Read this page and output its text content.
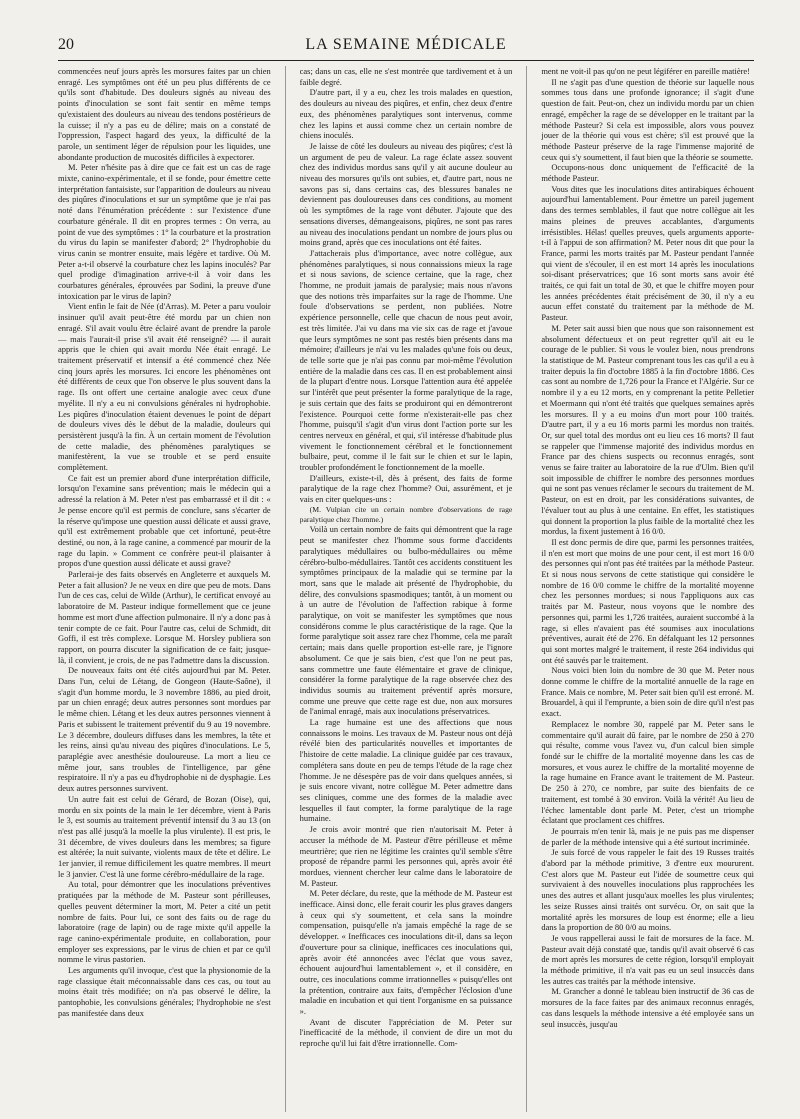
20	LA SEMAINE MÉDICALE

commencées neuf jours après les morsures faites par un chien enragé. Les symptômes ont été un peu plus différents de ce qu'ils sont d'habitude. Des douleurs signés au niveau des points d'inoculation se sont fait sentir en même temps qu'existaient des douleurs au niveau des tendons postérieurs de la cuisse; il n'y a pas eu de délire; mais on a constaté de l'oppression, l'aspect hagard des yeux, la difficulté de la parole, un sentiment léger de répulsion pour les liquides, une abondante production de mucosités difficiles à expectorer.

M. Peter n'hésite pas à dire que ce fait est un cas de rage mixte, canino-expérimentale, et il se fonde, pour émettre cette interprétation fantaisiste, sur l'apparition de douleurs au niveau des piqûres d'inoculations et sur un symptôme que je n'ai pas noté dans l'énumération précédente : sur l'existence d'une courbature générale. Il dit en propres termes : On verra, au point de vue des symptômes : 1° la courbature et la prostration du virus du lapin se manifester d'abord; 2° l'hydrophobie du virus canin se montrer ensuite, mais légère et tardive. Où M. Peter a-t-il observé la courbature chez les lapins inoculés? Par quel prodige d'imagination arrive-t-il à voir dans les courbatures générales, éprouvées par Sodini, la preuve d'une intoxication par le virus de lapin?

Vient enfin le fait de Née (d'Arras). M. Peter a paru vouloir insinuer qu'il avait peut-être été mordu par un chien non enragé. S'il avait voulu être éclairé avant de prendre la parole — mais l'aurait-il prise s'il avait été renseigné? — il aurait appris que le chien qui avait mordu Née était enragé. Le traitement préservatif et intensif a été commencé chez Née cinq jours après les morsures. Ici encore les phénomènes ont été différents de ceux que l'on observe le plus souvent dans la rage. Ils ont offert une certaine analogie avec ceux d'une myélite. Il n'y a eu ni convulsions générales ni hydrophobie. Les piqûres d'inoculation étaient devenues le point de départ de douleurs vives dès le début de la maladie, douleurs qui persistèrent jusqu'à la fin. À un certain moment de l'évolution de cette maladie, des phénomènes paralytiques se manifestèrent, la vue se trouble et se perd ensuite complètement.

Ce fait est un premier abord d'une interprétation difficile, lorsqu'on l'examine sans prévention; mais le médecin qui a adressé la relation à M. Peter n'est pas embarrassé et il dit : « Je pense encore qu'il est permis de conclure, sans s'écarter de la réserve qu'impose une question aussi délicate et aussi grave, qu'il est extrêmement probable que cet infortuné, peut-être destiné, ou non, à la rage canine, a commencé par mourir de la rage du lapin. » Comment ce confrère peut-il plaisanter à propos d'une question aussi délicate et aussi grave?

Parlerai-je des faits observés en Angleterre et auxquels M. Peter a fait allusion? Je ne veux en dire que peu de mots. Dans l'un de ces cas, celui de Wilde (Arthur), le certificat envoyé au laboratoire de M. Pasteur indique formellement que ce jeune homme est mort d'une affection pulmonaire. Il n'y a donc pas à tenir compte de ce fait. Pour l'autre cas, celui de Schmidt, dit Goffi, il est très complexe. Lorsque M. Horsley publiera son rapport, on pourra discuter la signification de ce fait; jusque-là, il convient, je crois, de ne pas l'admettre dans la discussion.

De nouveaux faits ont été cités aujourd'hui par M. Peter. Dans l'un, celui de Létang, de Gongeon (Haute-Saône), il s'agit d'un homme mordu, le 3 novembre 1886, au pied droit, par un chien enragé; deux autres personnes sont mordues par le même chien. Létang et les deux autres personnes viennent à Paris et subissent le traitement préventif du 9 au 19 novembre. Le 3 décembre, douleurs diffuses dans les membres, la tête et les reins, ainsi qu'au niveau des piqûres d'inoculations. Le 5, paraplégie avec anesthésie douloureuse. La mort a lieu ce même jour, sans troubles de l'intelligence, par gêne respiratoire. Il n'y a pas eu d'hydrophobie ni de dysphagie. Les deux autres personnes survivent.

Un autre fait est celui de Gérard, de Bozan (Oise), qui, mordu en six points de la main le 1er décembre, vient à Paris le 3, est soumis au traitement préventif intensif du 3 au 13 (on n'est pas allé jusqu'à la moelle la plus virulente). Il est pris, le 31 décembre, de vives douleurs dans les membres; sa figure est altérée; la nuit suivante, violents maux de tête et délire. Le 1er janvier, il remue difficilement les quatre membres. Il meurt le 3 janvier. C'est là une forme cérébro-médullaire de la rage.

Au total, pour démontrer que les inoculations préventives pratiquées par la méthode de M. Pasteur sont périlleuses, quelles peuvent déterminer la mort, M. Peter a cité un petit nombre de faits. Pour lui, ce sont des faits ou de rage du laboratoire (rage de lapin) ou de rage mixte qu'il appelle la rage canino-expérimentale produite, en collaboration, pour employer ses expressions, par le virus de chien et par ce qu'il nomme le virus pastorien.

Les arguments qu'il invoque, c'est que la physionomie de la rage classique était méconnaissable dans ces cas, ou tout au moins était très modifiée; on n'a pas observé le délire, la pantophobie, les convulsions générales; l'hydrophobie ne s'est pas manifestée dans deux

cas; dans un cas, elle ne s'est montrée que tardivement et à un faible degré.

D'autre part, il y a eu, chez les trois malades en question, des douleurs au niveau des piqûres, et enfin, chez deux d'entre eux, des phénomènes paralytiques sont intervenus, comme chez les lapins et aussi comme chez un certain nombre de chiens inoculés.

Je laisse de côté les douleurs au niveau des piqûres; c'est là un argument de peu de valeur. La rage éclate assez souvent chez des individus mordus sans qu'il y ait aucune douleur au niveau des morsures qu'ils ont subies, et, d'autre part, nous ne savons pas si, dans certains cas, des blessures banales ne deviennent pas douloureuses dans ces conditions, au moment où les symptômes de la rage vont débuter. J'ajoute que des sensations diverses, démangeaisons, piqûres, ne sont pas rares au niveau des inoculations pendant un nombre de jours plus ou moins grand, après que ces inoculations ont été faites.

J'attacherais plus d'importance, avec notre collègue, aux phénomènes paralytiques, si nous connaissions mieux la rage et si nous savions, de science certaine, que la rage, chez l'homme, ne produit jamais de paralysie; mais nous n'avons que des notions très imparfaites sur la rage de l'homme. Une foule d'observations se perdent, non publiées. Notre expérience personnelle, celle que chacun de nous peut avoir, est très limitée. J'ai vu dans ma vie six cas de rage et j'avoue que leurs symptômes ne sont pas restés bien présents dans ma mémoire; d'ailleurs je n'ai vu les malades qu'une fois ou deux, de telle sorte que je n'ai pas connu par moi-même l'évolution entière de la maladie dans ces cas. Il en est probablement ainsi de la plupart d'entre nous. Lorsque l'attention aura été appelée sur l'intérêt que peut présenter la forme paralytique de la rage, je suis certain que des faits se produiront qui en démontreront l'existence. Pourquoi cette forme n'existerait-elle pas chez l'homme, puisqu'il s'agit d'un virus dont l'action porte sur les centres nerveux en général, et qui, s'il intéresse d'habitude plus vivement le fonctionnement cérébral et le fonctionnement bulbaire, peut, comme il le fait sur le chien et sur le lapin, troubler profondément le fonctionnement de la moelle.

D'ailleurs, existe-t-il, dès à présent, des faits de forme paralytique de la rage chez l'homme? Oui, assurément, et je vais en citer quelques-uns :

(M. Vulpian cite un certain nombre d'observations de rage paralytique chez l'homme.)

Voilà un certain nombre de faits qui démontrent que la rage peut se manifester chez l'homme sous forme d'accidents paralytiques médullaires ou bulbo-médullaires ou même cérébro-bulbo-médullaires. Tantôt ces accidents constituent les symptômes principaux de la maladie qui se termine par la mort, sans que le malade ait présenté de l'hydrophobie, du délire, des convulsions spasmodiques; tantôt, à un moment ou à un autre de l'évolution de l'affection rabique à forme paralytique, on voit se manifester les symptômes que nous considérons comme le plus caractéristique de la rage. Que la forme paralytique soit assez rare chez l'homme, cela me paraît certain; mais dans quelle proportion est-elle rare, je l'ignore absolument. Ce que je sais bien, c'est que l'on ne peut pas, sans commettre une faute élémentaire et grave de clinique, considérer la forme paralytique de la rage observée chez des individus soumis au traitement préventif après morsure, comme une preuve que cette rage est due, non aux morsures de l'animal enragé, mais aux inoculations préservatrices.

La rage humaine est une des affections que nous connaissons le moins. Les travaux de M. Pasteur nous ont déjà révélé bien des particularités nouvelles et importantes de l'histoire de cette maladie. La clinique guidée par ces travaux, complétera sans doute en peu de temps l'étude de la rage chez l'homme. Je ne désespère pas de voir dans quelques années, si je suis encore vivant, notre collègue M. Peter admettre dans ses cliniques, comme une des formes de la maladie avec lesquelles il faut compter, la forme paralytique de la rage humaine.

Je crois avoir montré que rien n'autorisait M. Peter à accuser la méthode de M. Pasteur d'être périlleuse et même meurtrière; que rien ne légitime les craintes qu'il semble s'être proposé de répandre parmi les personnes qui, après avoir été mordues, viennent chercher leur calme dans le laboratoire de M. Pasteur.

M. Peter déclare, du reste, que la méthode de M. Pasteur est inefficace. Ainsi donc, elle ferait courir les plus graves dangers à ceux qui s'y soumettent, et cela sans la moindre compensation, puisqu'elle n'a jamais empêché la rage de se développer. « Inefficaces ces inoculations dit-il, dans sa leçon d'ouverture pour sa clinique, inefficaces ces inoculations qui, après avoir été annoncées avec l'éclat que vous savez, échouent aujourd'hui lamentablement », et il considère, en outre, ces inoculations comme irrationnelles « puisqu'elles ont la prétention, contraire aux faits, d'empêcher l'éclosion d'une maladie en incubation et qui tient l'organisme en sa puissance ».

Avant de discuter l'appréciation de M. Peter sur l'inefficacité de la méthode, il convient de dire un mot du reproche qu'il lui fait d'être irrationnelle. Com-

ment ne voit-il pas qu'on ne peut légiférer en pareille matière!

Il ne s'agit pas d'une question de théorie sur laquelle nous sommes tous dans une profonde ignorance; il s'agit d'une question de fait. Peut-on, chez un individu mordu par un chien enragé, empêcher la rage de se développer en le traitant par la méthode Pasteur? Si cela est impossible, alors vous pouvez jouer de la théorie qui vous est chère; s'il est prouvé que la méthode Pasteur préserve de la rage l'immense majorité de ceux qui s'y soumettent, il faut bien que la théorie se soumette.

Occupons-nous donc uniquement de l'efficacité de la méthode Pasteur.

Vous dites que les inoculations dites antirabiques échouent aujourd'hui lamentablement. Pour émettre un pareil jugement dans des termes semblables, il faut que notre collègue ait les mains pleines de preuves accablantes, d'arguments irrésistibles. Hélas! quelles preuves, quels arguments apporte-t-il à l'appui de son affirmation? M. Peter nous dit que pour la France, parmi les morts traités par M. Pasteur pendant l'année qui vient de s'écouler, il en est mort 14 après les inoculations soi-disant préservatrices; que 16 sont morts sans avoir été traités, ce qui fait un total de 30, et que le chiffre moyen pour les années précédentes était précisément de 30, il n'y a eu aucun effet constaté du traitement par la méthode de M. Pasteur.

M. Peter sait aussi bien que nous que son raisonnement est absolument défectueux et on peut regretter qu'il ait eu le courage de le publier. Si vous le voulez bien, nous prendrons la statistique de M. Pasteur comprenant tous les cas qu'il a eu à traiter depuis la fin d'octobre 1885 à la fin d'octobre 1886. Ces cas sont au nombre de 1,726 pour la France et l'Algérie. Sur ce nombre il y a eu 12 morts, en y comprenant la petite Pelletier et Moermann qui n'ont été traités que quelques semaines après les morsures. Il y a eu moins d'un mort pour 100 traités. D'autre part, il y a eu 16 morts parmi les mordus non traités. Or, sur quel total des mordus ont eu lieu ces 16 morts? Il faut se rappeler que l'immense majorité des individus mordus en France par des chiens suspects ou reconnus enragés, sont venus se faire traiter au laboratoire de la rue d'Ulm. Bien qu'il soit impossible de chiffrer le nombre des personnes mordues qui ne sont pas venues réclamer le secours du traitement de M. Pasteur, on est en droit, par les considérations suivantes, de l'évaluer tout au plus à une centaine. En effet, les statistiques qui donnent la proportion la plus faible de la mortalité chez les mordus, la fixent justement à 16 0/0.

Il est donc permis de dire que, parmi les personnes traitées, il n'en est mort que moins de une pour cent, il est mort 16 0/0 des personnes qui n'ont pas été traitées par la méthode Pasteur. Et si nous nous servons de cette statistique qui considère le nombre de 16 0/0 comme le chiffre de la mortalité moyenne chez les personnes mordues; si nous l'appliquons aux cas traités par M. Pasteur, nous voyons que le nombre des personnes qui, parmi les 1,726 traitées, auraient succombé à la rage, si elles n'avaient pas été soumises aux inoculations préventives, aurait été de 276. En défalquant les 12 personnes qui sont mortes malgré le traitement, il reste 264 individus qui ont été sauvés par le traitement.

Nous voici bien loin du nombre de 30 que M. Peter nous donne comme le chiffre de la mortalité annuelle de la rage en France. Mais ce nombre, M. Peter sait bien qu'il est erroné. M. Brouardel, à qui il l'emprunte, a bien soin de dire qu'il n'est pas exact.

Remplacez le nombre 30, rappelé par M. Peter sans le commentaire qu'il aurait dû faire, par le nombre de 250 à 270 qui résulte, comme vous l'avez vu, d'un calcul bien simple fondé sur le chiffre de la mortalité moyenne dans les cas de morsures, et vous aurez le chiffre de la mortalité moyenne de la rage humaine en France avant le traitement de M. Pasteur. De 250 à 270, ce nombre, par suite des bienfaits de ce traitement, est tombé à 30 environ. Voilà la vérité! Au lieu de l'échec lamentable dont parle M. Peter, c'est un triomphe éclatant que proclament ces chiffres.

Je pourrais m'en tenir là, mais je ne puis pas me dispenser de parler de la méthode intensive qui a été surtout incriminée.

Je suis forcé de vous rappeler le fait des 19 Russes traités d'abord par la méthode primitive, 3 d'entre eux moururent. C'est alors que M. Pasteur eut l'idée de soumettre ceux qui survivaient à des nouvelles inoculations plus rapprochées les unes des autres et allant jusqu'aux moelles les plus virulentes; les seize Russes ainsi traités ont survécu. Or, on sait que la mortalité après les morsures de loup est énorme; elle a lieu dans la proportion de 80 0/0 au moins.

Je vous rappellerai aussi le fait de morsures de la face. M. Pasteur avait déjà constaté que, tandis qu'il avait observé 6 cas de mort après les morsures de cette région, lorsqu'il employait la méthode primitive, il n'a vait pas eu un seul insuccès dans les autres cas traités par la méthode intensive.

M. Grancher a donné le tableau bien instructif de 36 cas de morsures de la face faites par des animaux reconnus enragés, cas dans lesquels la méthode intensive a été employée sans un seul insuccès, jusqu'au
